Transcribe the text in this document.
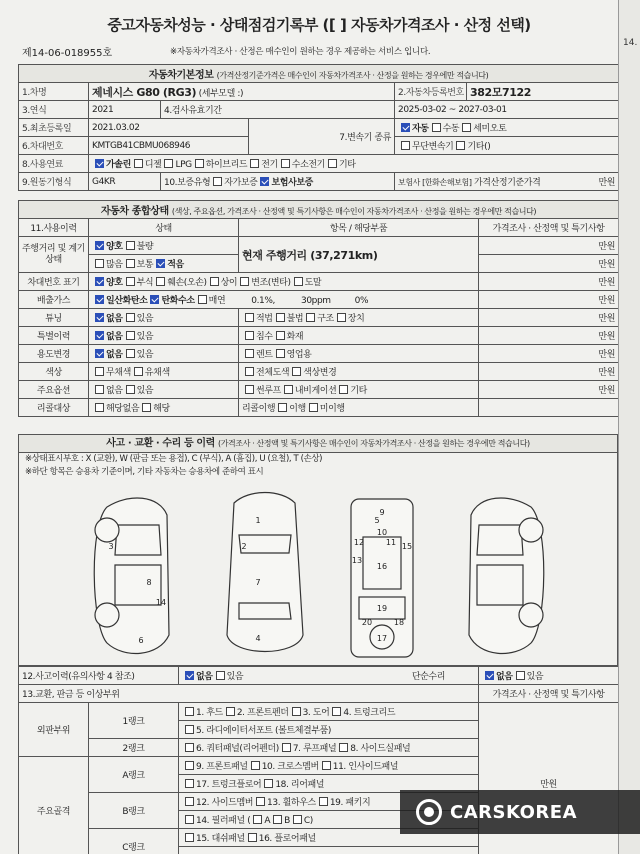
중고자동차성능 · 상태점검기록부 ([ ] 자동차가격조사 · 산정 선택)
제14-06-018955호	※자동차가격조사 · 산정은 매수인이 원하는 경우 제공하는 서비스 입니다.
자동차기본정보 (가격산정기준가격은 매수인이 자동차가격조사 · 산정을 원하는 경우에만 적습니다)					
1.차명	제네시스 G80 (RG3) (세부모델 :)			2.자동차등록번호	382모7122
3.연식	2021	4.검사유효기간		2025-03-02 ~ 2027-03-01	
5.최초등록일	2021.03.02		7.변속기 종류	자동 수동 세미오토	
6.차대번호	KMTGB41CBMU068946			무단변속기 기타()	
8.사용연료	가솔린 디젤 LPG 하이브리드 전기 수소전기 기타				
9.원동기형식	G4KR	10.보증유형 자가보증 보험사보증		보험사 [한화손해보험] 가격산정기준가격 만원	
자동차 종합상태 (색상, 주요옵션, 가격조사 · 산정액 및 특기사항은 매수인이 자동차가격조사 · 산정을 원하는 경우에만 적습니다)			
11.사용이력	상태	항목 / 해당부품	가격조사 · 산정액 및 특기사항
주행거리 및 계기상태	양호 불량	현재 주행거리 (37,271km)	만원
	많음 보통 적음		만원
차대번호 표기	양호 부식 훼손(오손) 상이 변조(변타) 도말		만원
배출가스	일산화탄소 탄화수소 매연 0.1%, 30ppm 0%		만원
튜닝	없음 있음	적법 불법 구조 장치	만원
특별이력	없음 있음	침수 화재	만원
용도변경	없음 있음	렌트 영업용	만원
색상	무채색 유채색	전체도색 색상변경	만원
주요옵션	없음 있음	썬루프 내비게이션 기타	만원
리콜대상	해당없음 해당	리콜이행 이행 미이행	
사고 · 교환 · 수리 등 이력 (가격조사 · 산정액 및 특기사항은 매수인이 자동차가격조사 · 산정을 원하는 경우에만 적습니다)
※상태표시부호 : X (교환), W (판금 또는 용접), C (부식), A (흠집), U (요철), T (손상)
※하단 항목은 승용차 기준이며, 기타 자동차는 승용차에 준하여 표시
1
2
3
4
5
6
7
8
9
10
11
12
13
14
15
16
17
18
19
20
12.사고이력(유의사항 4 참조)		없음 있음 단순수리	없음 있음
13.교환, 판금 등 이상부위			가격조사 · 산정액 및 특기사항
외판부위	1랭크	1. 후드 2. 프론트펜더 3. 도어 4. 트렁크리드	만원
		5. 라디에이터서포트 (볼트체결부품)	
	2랭크	6. 쿼터패널(리어펜더) 7. 루프패널 8. 사이드실패널	
주요골격	A랭크	9. 프론트패널 10. 크로스멤버 11. 인사이드패널	
		17. 트렁크플로어 18. 리어패널	
	B랭크	12. 사이드멤버 13. 휠하우스 19. 패키지	
		14. 필러패널 ( A B C)	
	C랭크	15. 대쉬패널 16. 플로어패널	

14.
CARSKOREA
